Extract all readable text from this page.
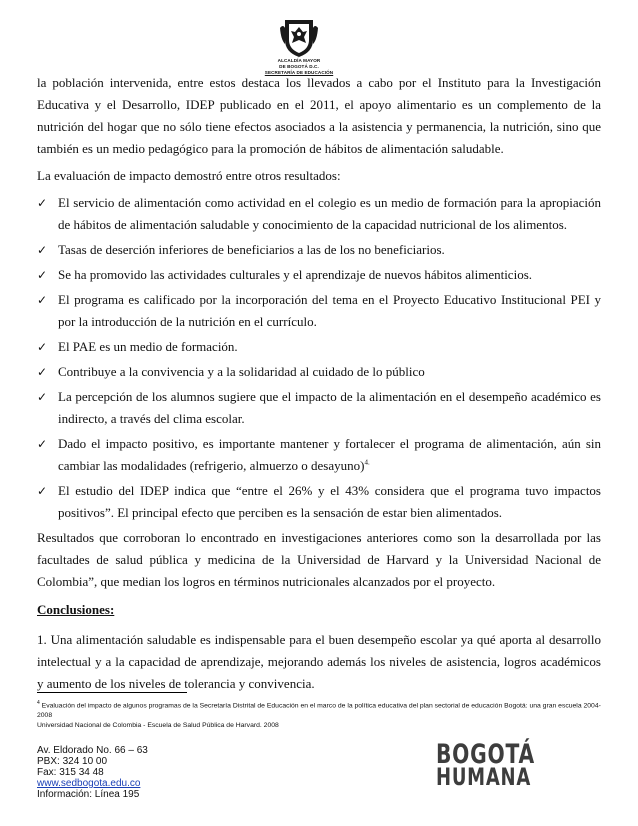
ALCALDÍA MAYOR
DE BOGOTÁ D.C.
SECRETARÍA DE EDUCACIÓN

la población intervenida, entre estos destaca los llevados a cabo por el Instituto para la Investigación Educativa y el Desarrollo, IDEP publicado en el 2011, el apoyo alimentario es un complemento de la nutrición del hogar que no sólo tiene efectos asociados a la asistencia y permanencia, la nutrición, sino que también es un medio pedagógico para la promoción de hábitos de alimentación saludable.

La evaluación de impacto demostró entre otros resultados:

✓ El servicio de alimentación como actividad en el colegio es un medio de formación para la apropiación de hábitos de alimentación saludable y conocimiento de la capacidad nutricional de los alimentos.
✓ Tasas de deserción inferiores de beneficiarios a las de los no beneficiarios.
✓ Se ha promovido las actividades culturales y el aprendizaje de nuevos hábitos alimenticios.
✓ El programa es calificado por la incorporación del tema en el Proyecto Educativo Institucional PEI y por la introducción de la nutrición en el currículo.
✓ El PAE es un medio de formación.
✓ Contribuye a la convivencia y a la solidaridad al cuidado de lo público
✓ La percepción de los alumnos sugiere que el impacto de la alimentación en el desempeño académico es indirecto, a través del clima escolar.
✓ Dado el impacto positivo, es importante mantener y fortalecer el programa de alimentación, aún sin cambiar las modalidades (refrigerio, almuerzo o desayuno)$^{4.}$
✓ El estudio del IDEP indica que “entre el 26% y el 43% considera que el programa tuvo impactos positivos”. El principal efecto que perciben es la sensación de estar bien alimentados.

Resultados que corroboran lo encontrado en investigaciones anteriores como son la desarrollada por las facultades de salud pública y medicina de la Universidad de Harvard y la Universidad Nacional de Colombia”, que median los logros en términos nutricionales alcanzados por el proyecto.

Conclusiones:

1. Una alimentación saludable es indispensable para el buen desempeño escolar ya qué aporta al desarrollo intelectual y a la capacidad de aprendizaje, mejorando además los niveles de asistencia, logros académicos y aumento de los niveles de tolerancia y convivencia.

$^4$ Evaluación del impacto de algunos programas de la Secretaría Distrital de Educación en el marco de la política educativa del plan sectorial de educación Bogotá: una gran escuela 2004-2008
Universidad Nacional de Colombia - Escuela de Salud Pública de Harvard. 2008
Av. Eldorado No. 66 – 63
PBX: 324 10 00
Fax: 315 34 48
www.sedbogota.edu.co
Información: Línea 195
BOGOTÁ
HUMANA
